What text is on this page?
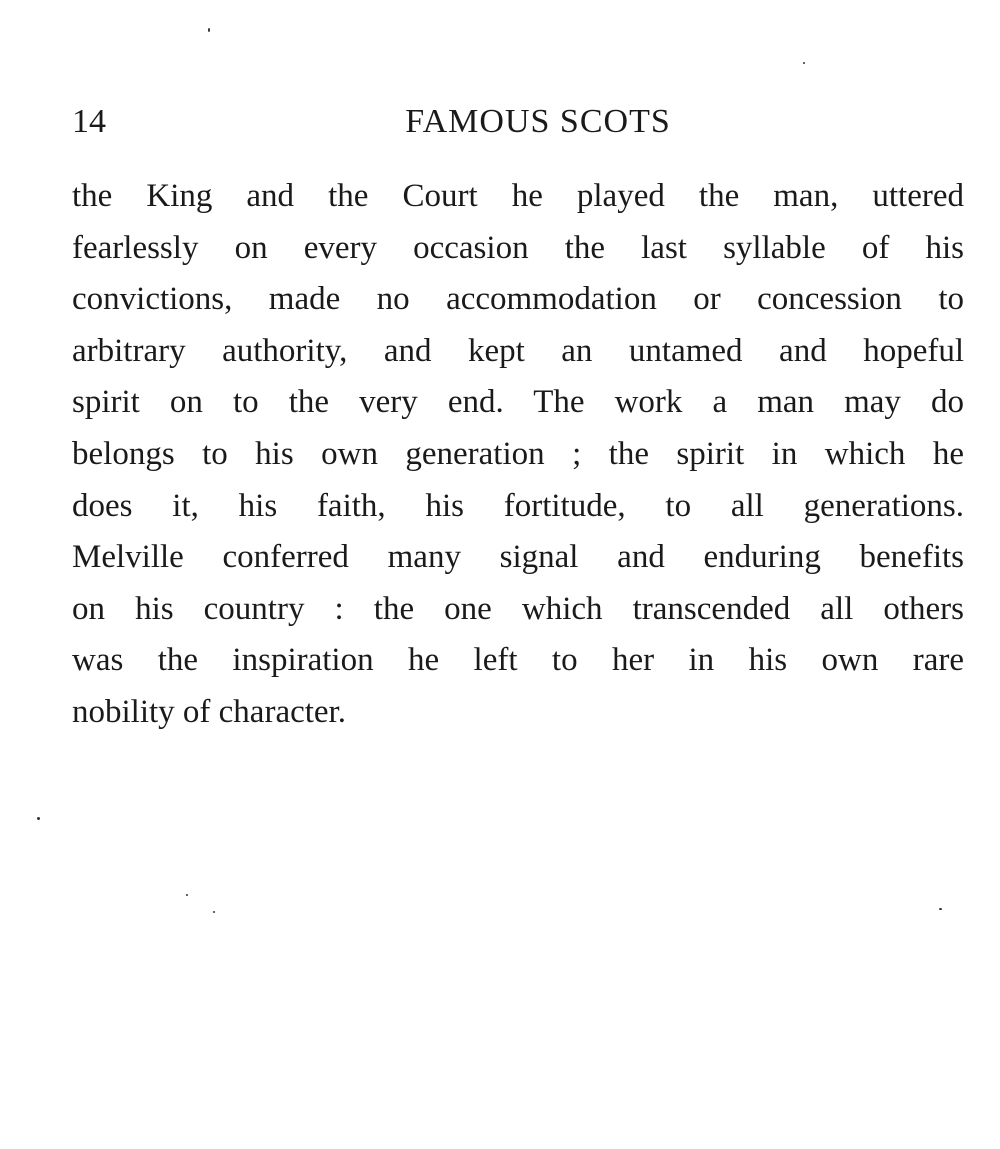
14	FAMOUS SCOTS
the King and the Court he played the man, uttered
fearlessly on every occasion the last syllable of his
convictions, made no accommodation or concession to
arbitrary authority, and kept an untamed and hopeful
spirit on to the very end. The work a man may do
belongs to his own generation ; the spirit in which he
does it, his faith, his fortitude, to all generations.
Melville conferred many signal and enduring benefits
on his country : the one which transcended all others
was the inspiration he left to her in his own rare
nobility of character.
